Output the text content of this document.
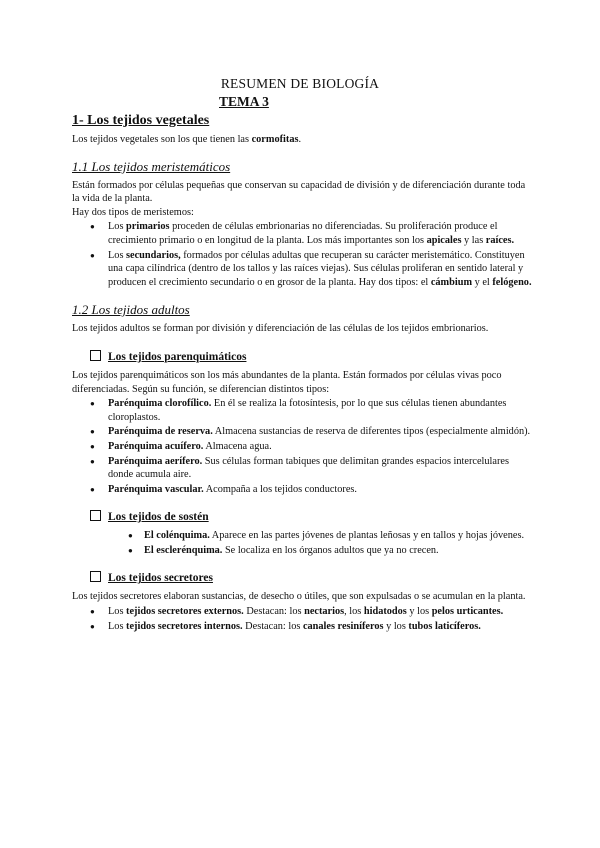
RESUMEN DE BIOLOGÍA
TEMA 3
1- Los tejidos vegetales

Los tejidos vegetales son los que tienen las cormofitas.

1.1 Los tejidos meristemáticos

Están formados por células pequeñas que conservan su capacidad de división y de diferenciación durante toda la vida de la planta.

Hay dos tipos de meristemos:

● Los primarios proceden de células embrionarias no diferenciadas. Su proliferación produce el crecimiento primario o en longitud de la planta. Los más importantes son los apicales y las raíces.
● Los secundarios, formados por células adultas que recuperan su carácter meristemático. Constituyen una capa cilíndrica (dentro de los tallos y las raíces viejas). Sus células proliferan en sentido lateral y producen el crecimiento secundario o en grosor de la planta. Hay dos tipos: el cámbium y el felógeno.
1.2 Los tejidos adultos

Los tejidos adultos se forman por división y diferenciación de las células de los tejidos embrionarios.

Los tejidos parenquimáticos

Los tejidos parenquimáticos son los más abundantes de la planta. Están formados por células vivas poco diferenciadas. Según su función, se diferencian distintos tipos:

● Parénquima clorofílico. En él se realiza la fotosíntesis, por lo que sus células tienen abundantes cloroplastos.
● Parénquima de reserva. Almacena sustancias de reserva de diferentes tipos (especialmente almidón).
● Parénquima acuífero. Almacena agua.
● Parénquima aerífero. Sus células forman tabiques que delimitan grandes espacios intercelulares donde acumula aire.
● Parénquima vascular. Acompaña a los tejidos conductores.
Los tejidos de sostén
● El colénquima. Aparece en las partes jóvenes de plantas leñosas y en tallos y hojas jóvenes.
● El esclerénquima. Se localiza en los órganos adultos que ya no crecen.
Los tejidos secretores

Los tejidos secretores elaboran sustancias, de desecho o útiles, que son expulsadas o se acumulan en la planta.

● Los tejidos secretores externos. Destacan: los nectarios, los hidatodos y los pelos urticantes.
● Los tejidos secretores internos. Destacan: los canales resiníferos y los tubos laticíferos.
